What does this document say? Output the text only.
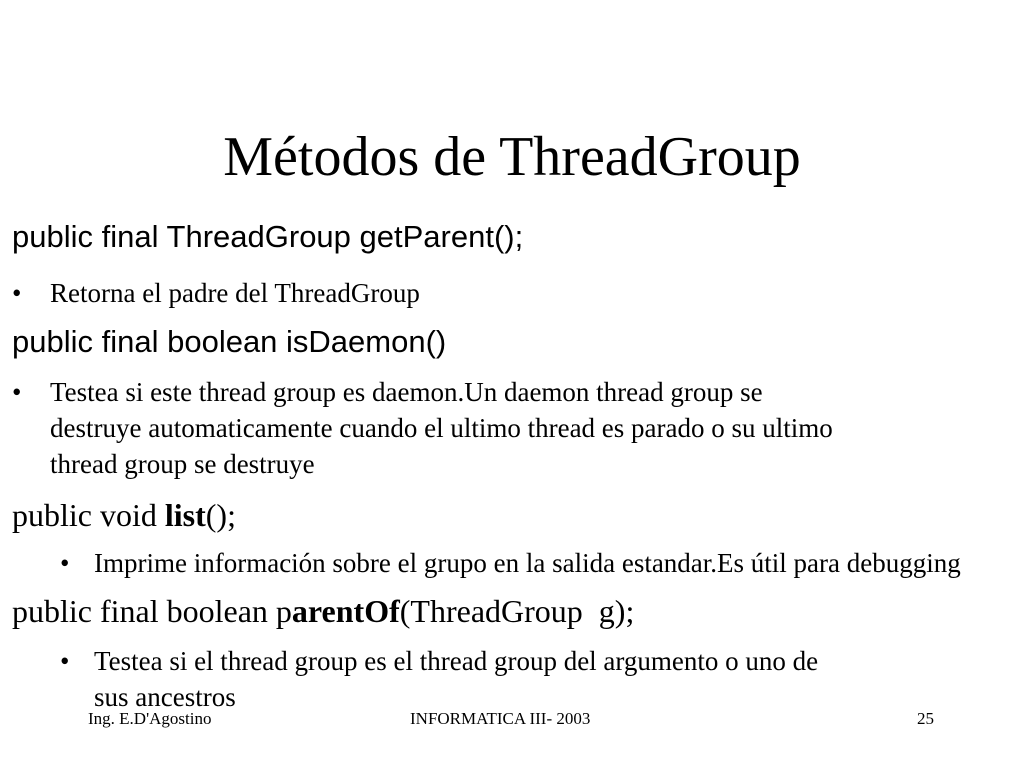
Métodos de ThreadGroup
public final ThreadGroup getParent();
• Retorna el padre del ThreadGroup
public final boolean isDaemon()
• Testea si este thread group es daemon.Un daemon thread group se
destruye automaticamente cuando el ultimo thread es parado o su ultimo
thread group se destruye
public void list();
• Imprime información sobre el grupo en la salida estandar.Es útil para debugging
public final boolean parentOf(ThreadGroup  g);
• Testea si el thread group es el thread group del argumento o uno de
sus ancestros
Ing. E.D'Agostino	INFORMATICA III- 2003	25
